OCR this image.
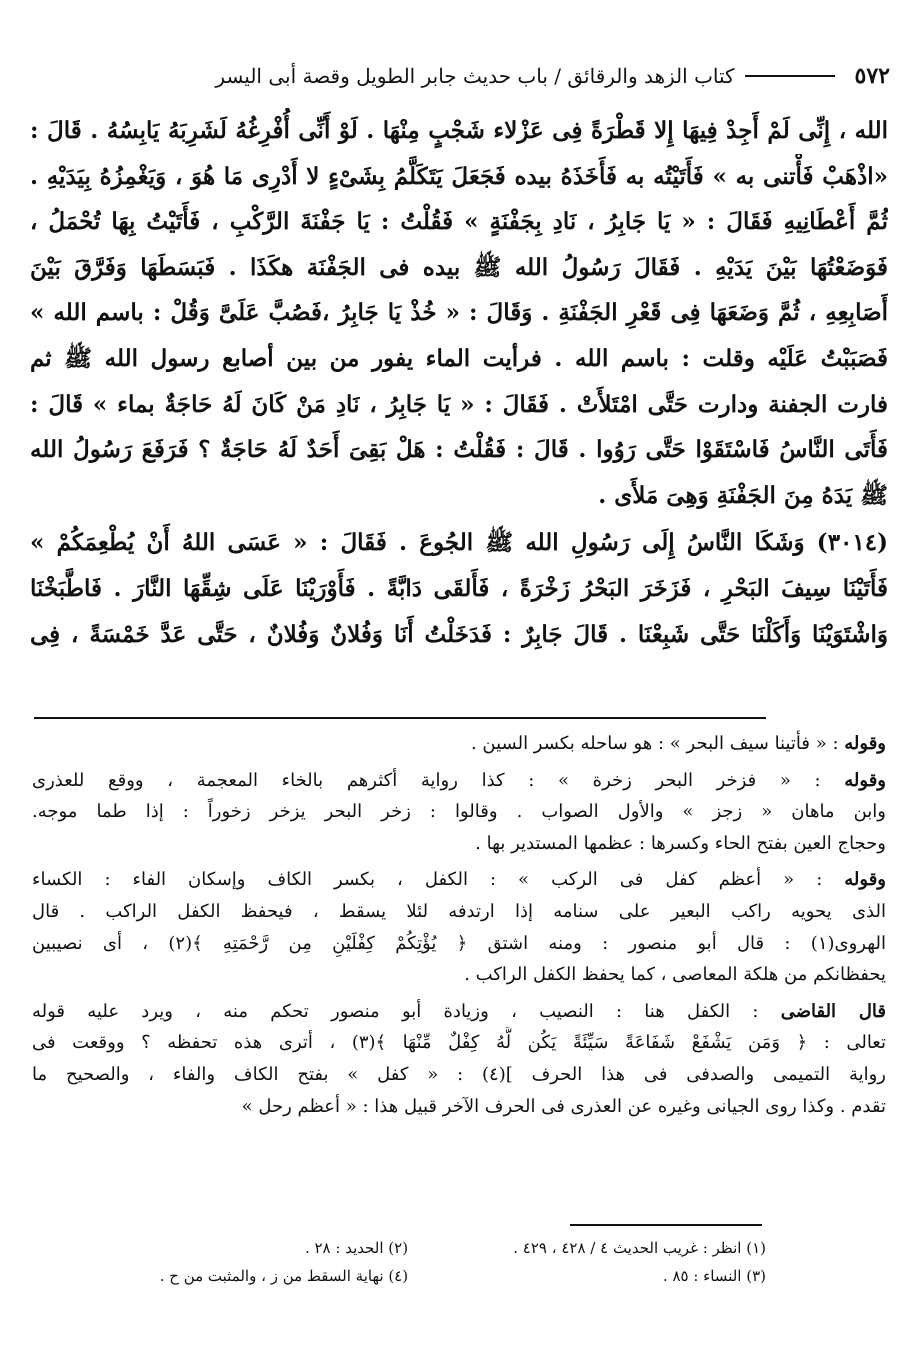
٥٧٢
كتاب الزهد والرقائق / باب حديث جابر الطويل وقصة أبى اليسر
الله ، إِنِّى لَمْ أَجِدْ فِيهَا إِلا قَطْرَةً فِى عَزْلاء شَجْبٍ مِنْهَا . لَوْ أَنِّى أُفْرِغُهُ لَشَرِبَهُ يَابِسُهُ . قَالَ :
«اذْهَبْ فَأْتنى به » فَأَتَيْتُه به فَأَخَذَهُ بيده فَجَعَلَ يَتَكَلَّمُ بِشَىْءٍ لا أَدْرِى مَا هُوَ ، وَيَغْمِزُهُ بِيَدَيْهِ .
ثُمَّ أَعْطَانِيهِ فَقَالَ : « يَا جَابِرُ ، نَادِ بِجَفْنَةٍ » فَقُلْتُ : يَا جَفْنَةَ الرَّكْبِ ، فَأَتَيْتُ بِهَا تُحْمَلُ ،
فَوَضَعْتُهَا بَيْنَ يَدَيْهِ . فَقَالَ رَسُولُ الله ﷺ بيده فى الجَفْنَة هكَذَا . فَبَسَطَهَا وَفَرَّقَ بَيْنَ
أَصَابِعِهِ ، ثُمَّ وَضَعَهَا فِى قَعْرِ الجَفْنَةِ . وَقَالَ : « خُذْ يَا جَابِرُ ،فَصُبَّ عَلَىَّ وَقُلْ : باسم الله »
فَصَبَبْتُ عَلَيْه وقلت : باسم الله . فرأيت الماء يفور من بين أصابع رسول الله ﷺ ثم
فارت الجفنة ودارت حَتَّى امْتَلأَتْ . فَقَالَ : « يَا جَابِرُ ، نَادِ مَنْ كَانَ لَهُ حَاجَةٌ بماء » قَالَ :
فَأَتَى النَّاسُ فَاسْتَقَوْا حَتَّى رَوُوا . قَالَ : فَقُلْتُ : هَلْ بَقِىَ أَحَدٌ لَهُ حَاجَةٌ ؟ فَرَفَعَ رَسُولُ الله
ﷺ يَدَهُ مِنَ الجَفْنَةِ وَهِىَ مَلأَى .
(٣٠١٤) وَشَكَا النَّاسُ إِلَى رَسُولِ الله ﷺ الجُوعَ . فَقَالَ : « عَسَى اللهُ أَنْ يُطْعِمَكُمْ »
فَأَتَيْنَا سِيفَ البَحْرِ ، فَزَخَرَ البَحْرُ زَخْرَةً ، فَأَلقَى دَابَّةً . فَأَوْرَيْنَا عَلَى شِقِّهَا النَّارَ . فَاطَّبَخْنَا
وَاشْتَوَيْنَا وَأَكَلْنَا حَتَّى شَبِعْنَا . قَالَ جَابِرٌ : فَدَخَلْتُ أَنَا وَفُلانٌ وَفُلانٌ ، حَتَّى عَدَّ خَمْسَةً ، فِى
وقوله : « فأتينا سيف البحر » : هو ساحله بكسر السين .
وقوله : « فزخر البحر زخرة » : كذا رواية أكثرهم بالخاء المعجمة ، ووقع للعذرى
وابن ماهان « زجز » والأول الصواب . وقالوا : زخر البحر يزخر زخوراً : إذا طما موجه.
وحجاج العين بفتح الحاء وكسرها : عظمها المستدير بها .
وقوله : « أعظم كفل فى الركب » : الكفل ، بكسر الكاف وإسكان الفاء : الكساء
الذى يحويه راكب البعير على سنامه إذا ارتدفه لئلا يسقط ، فيحفظ الكفل الراكب . قال
الهروى(١) : قال أبو منصور : ومنه اشتق ﴿ يُؤْتِكُمْ كِفْلَيْنِ مِن رَّحْمَتِهِ ﴾(٢) ، أى نصيبين
يحفظانكم من هلكة المعاصى ، كما يحفظ الكفل الراكب .
قال القاضى : الكفل هنا : النصيب ، وزيادة أبو منصور تحكم منه ، ويرد عليه قوله
تعالى : ﴿ وَمَن يَشْفَعْ شَفَاعَةً سَيِّئَةً يَكُن لَّهُ كِفْلٌ مِّنْهَا ﴾(٣) ، أترى هذه تحفظه ؟ ووقعت فى
رواية التميمى والصدفى فى هذا الحرف ](٤) : « كفل » بفتح الكاف والفاء ، والصحيح ما
تقدم . وكذا روى الجيانى وغيره عن العذرى فى الحرف الآخر قبيل هذا : « أعظم رحل »
(١) انظر : غريب الحديث ٤ / ٤٢٨ ، ٤٢٩ .
(٢) الحديد : ٢٨ .
(٣) النساء : ٨٥ .
(٤) نهاية السقط من ز ، والمثبت من ح .
